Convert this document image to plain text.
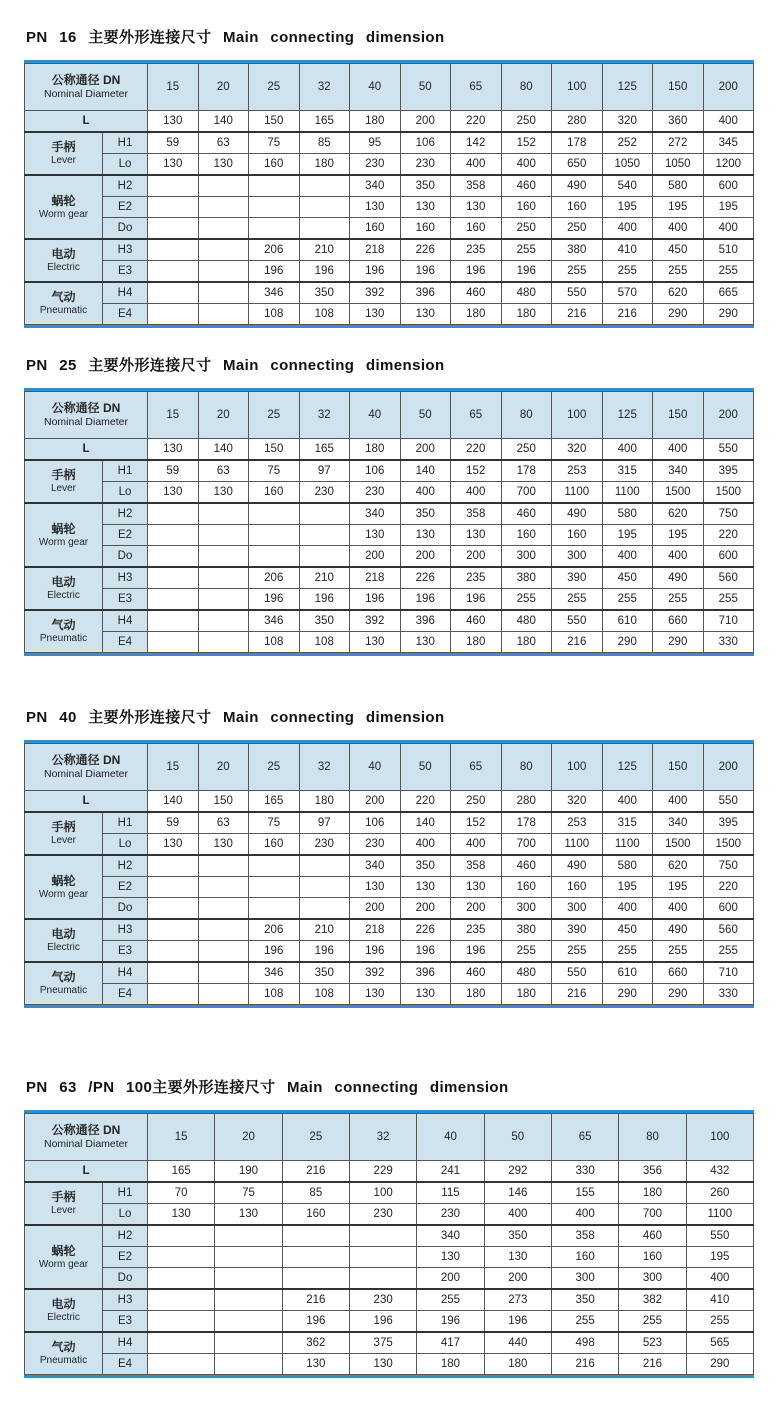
PN 16 主要外形连接尺寸 Main connecting dimension
公称通径 DN
Nominal Diameter		15	20	25	32	40	50	65	80	100	125	150	200
L		130	140	150	165	180	200	220	250	280	320	360	400

手柄
Lever	H1	59	63	75	85	95	106	142	152	178	252	272	345
	Lo	130	130	160	180	230	230	400	400	650	1050	1050	1200

蜗轮
Worm gear	H2					340	350	358	460	490	540	580	600
	E2					130	130	130	160	160	195	195	195
	Do					160	160	160	250	250	400	400	400

电动
Electric	H3			206	210	218	226	235	255	380	410	450	510
	E3			196	196	196	196	196	196	255	255	255	255

气动
Pneumatic	H4			346	350	392	396	460	480	550	570	620	665
	E4			108	108	130	130	180	180	216	216	290	290
PN 25 主要外形连接尺寸 Main connecting dimension
公称通径 DN
Nominal Diameter		15	20	25	32	40	50	65	80	100	125	150	200
L		130	140	150	165	180	200	220	250	320	400	400	550

手柄
Lever	H1	59	63	75	97	106	140	152	178	253	315	340	395
	Lo	130	130	160	230	230	400	400	700	1100	1100	1500	1500

蜗轮
Worm gear	H2					340	350	358	460	490	580	620	750
	E2					130	130	130	160	160	195	195	220
	Do					200	200	200	300	300	400	400	600

电动
Electric	H3			206	210	218	226	235	380	390	450	490	560
	E3			196	196	196	196	196	255	255	255	255	255

气动
Pneumatic	H4			346	350	392	396	460	480	550	610	660	710
	E4			108	108	130	130	180	180	216	290	290	330
PN 40 主要外形连接尺寸 Main connecting dimension
公称通径 DN
Nominal Diameter		15	20	25	32	40	50	65	80	100	125	150	200
L		140	150	165	180	200	220	250	280	320	400	400	550

手柄
Lever	H1	59	63	75	97	106	140	152	178	253	315	340	395
	Lo	130	130	160	230	230	400	400	700	1100	1100	1500	1500

蜗轮
Worm gear	H2					340	350	358	460	490	580	620	750
	E2					130	130	130	160	160	195	195	220
	Do					200	200	200	300	300	400	400	600

电动
Electric	H3			206	210	218	226	235	380	390	450	490	560
	E3			196	196	196	196	196	255	255	255	255	255

气动
Pneumatic	H4			346	350	392	396	460	480	550	610	660	710
	E4			108	108	130	130	180	180	216	290	290	330
PN 63 /PN 100主要外形连接尺寸 Main connecting dimension
公称通径 DN
Nominal Diameter		15	20	25	32	40	50	65	80	100
L		165	190	216	229	241	292	330	356	432

手柄
Lever	H1	70	75	85	100	115	146	155	180	260
	Lo	130	130	160	230	230	400	400	700	1100

蜗轮
Worm gear	H2					340	350	358	460	550
	E2					130	130	160	160	195
	Do					200	200	300	300	400

电动
Electric	H3			216	230	255	273	350	382	410
	E3			196	196	196	196	255	255	255

气动
Pneumatic	H4			362	375	417	440	498	523	565
	E4			130	130	180	180	216	216	290
